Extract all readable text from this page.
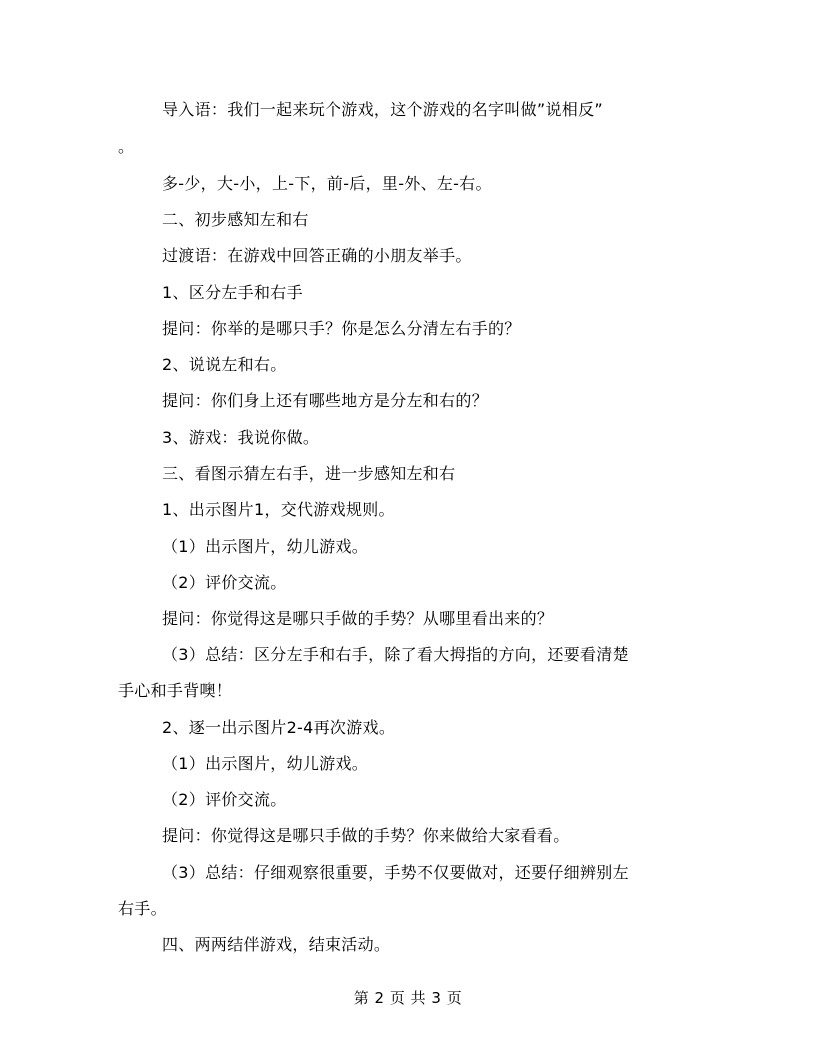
导入语：我们一起来玩个游戏，这个游戏的名字叫做”说相反”
。
多-少，大-小，上-下，前-后，里-外、左-右。
二、初步感知左和右
过渡语：在游戏中回答正确的小朋友举手。
1、区分左手和右手
提问：你举的是哪只手？你是怎么分清左右手的？
2、说说左和右。
提问：你们身上还有哪些地方是分左和右的？
3、游戏：我说你做。
三、看图示猜左右手，进一步感知左和右
1、出示图片1，交代游戏规则。
（1）出示图片，幼儿游戏。
（2）评价交流。
提问：你觉得这是哪只手做的手势？从哪里看出来的？
（3）总结：区分左手和右手，除了看大拇指的方向，还要看清楚
手心和手背噢！
2、逐一出示图片2-4再次游戏。
（1）出示图片，幼儿游戏。
（2）评价交流。
提问：你觉得这是哪只手做的手势？你来做给大家看看。
（3）总结：仔细观察很重要，手势不仅要做对，还要仔细辨别左
右手。
四、两两结伴游戏，结束活动。
第 2 页 共 3 页
